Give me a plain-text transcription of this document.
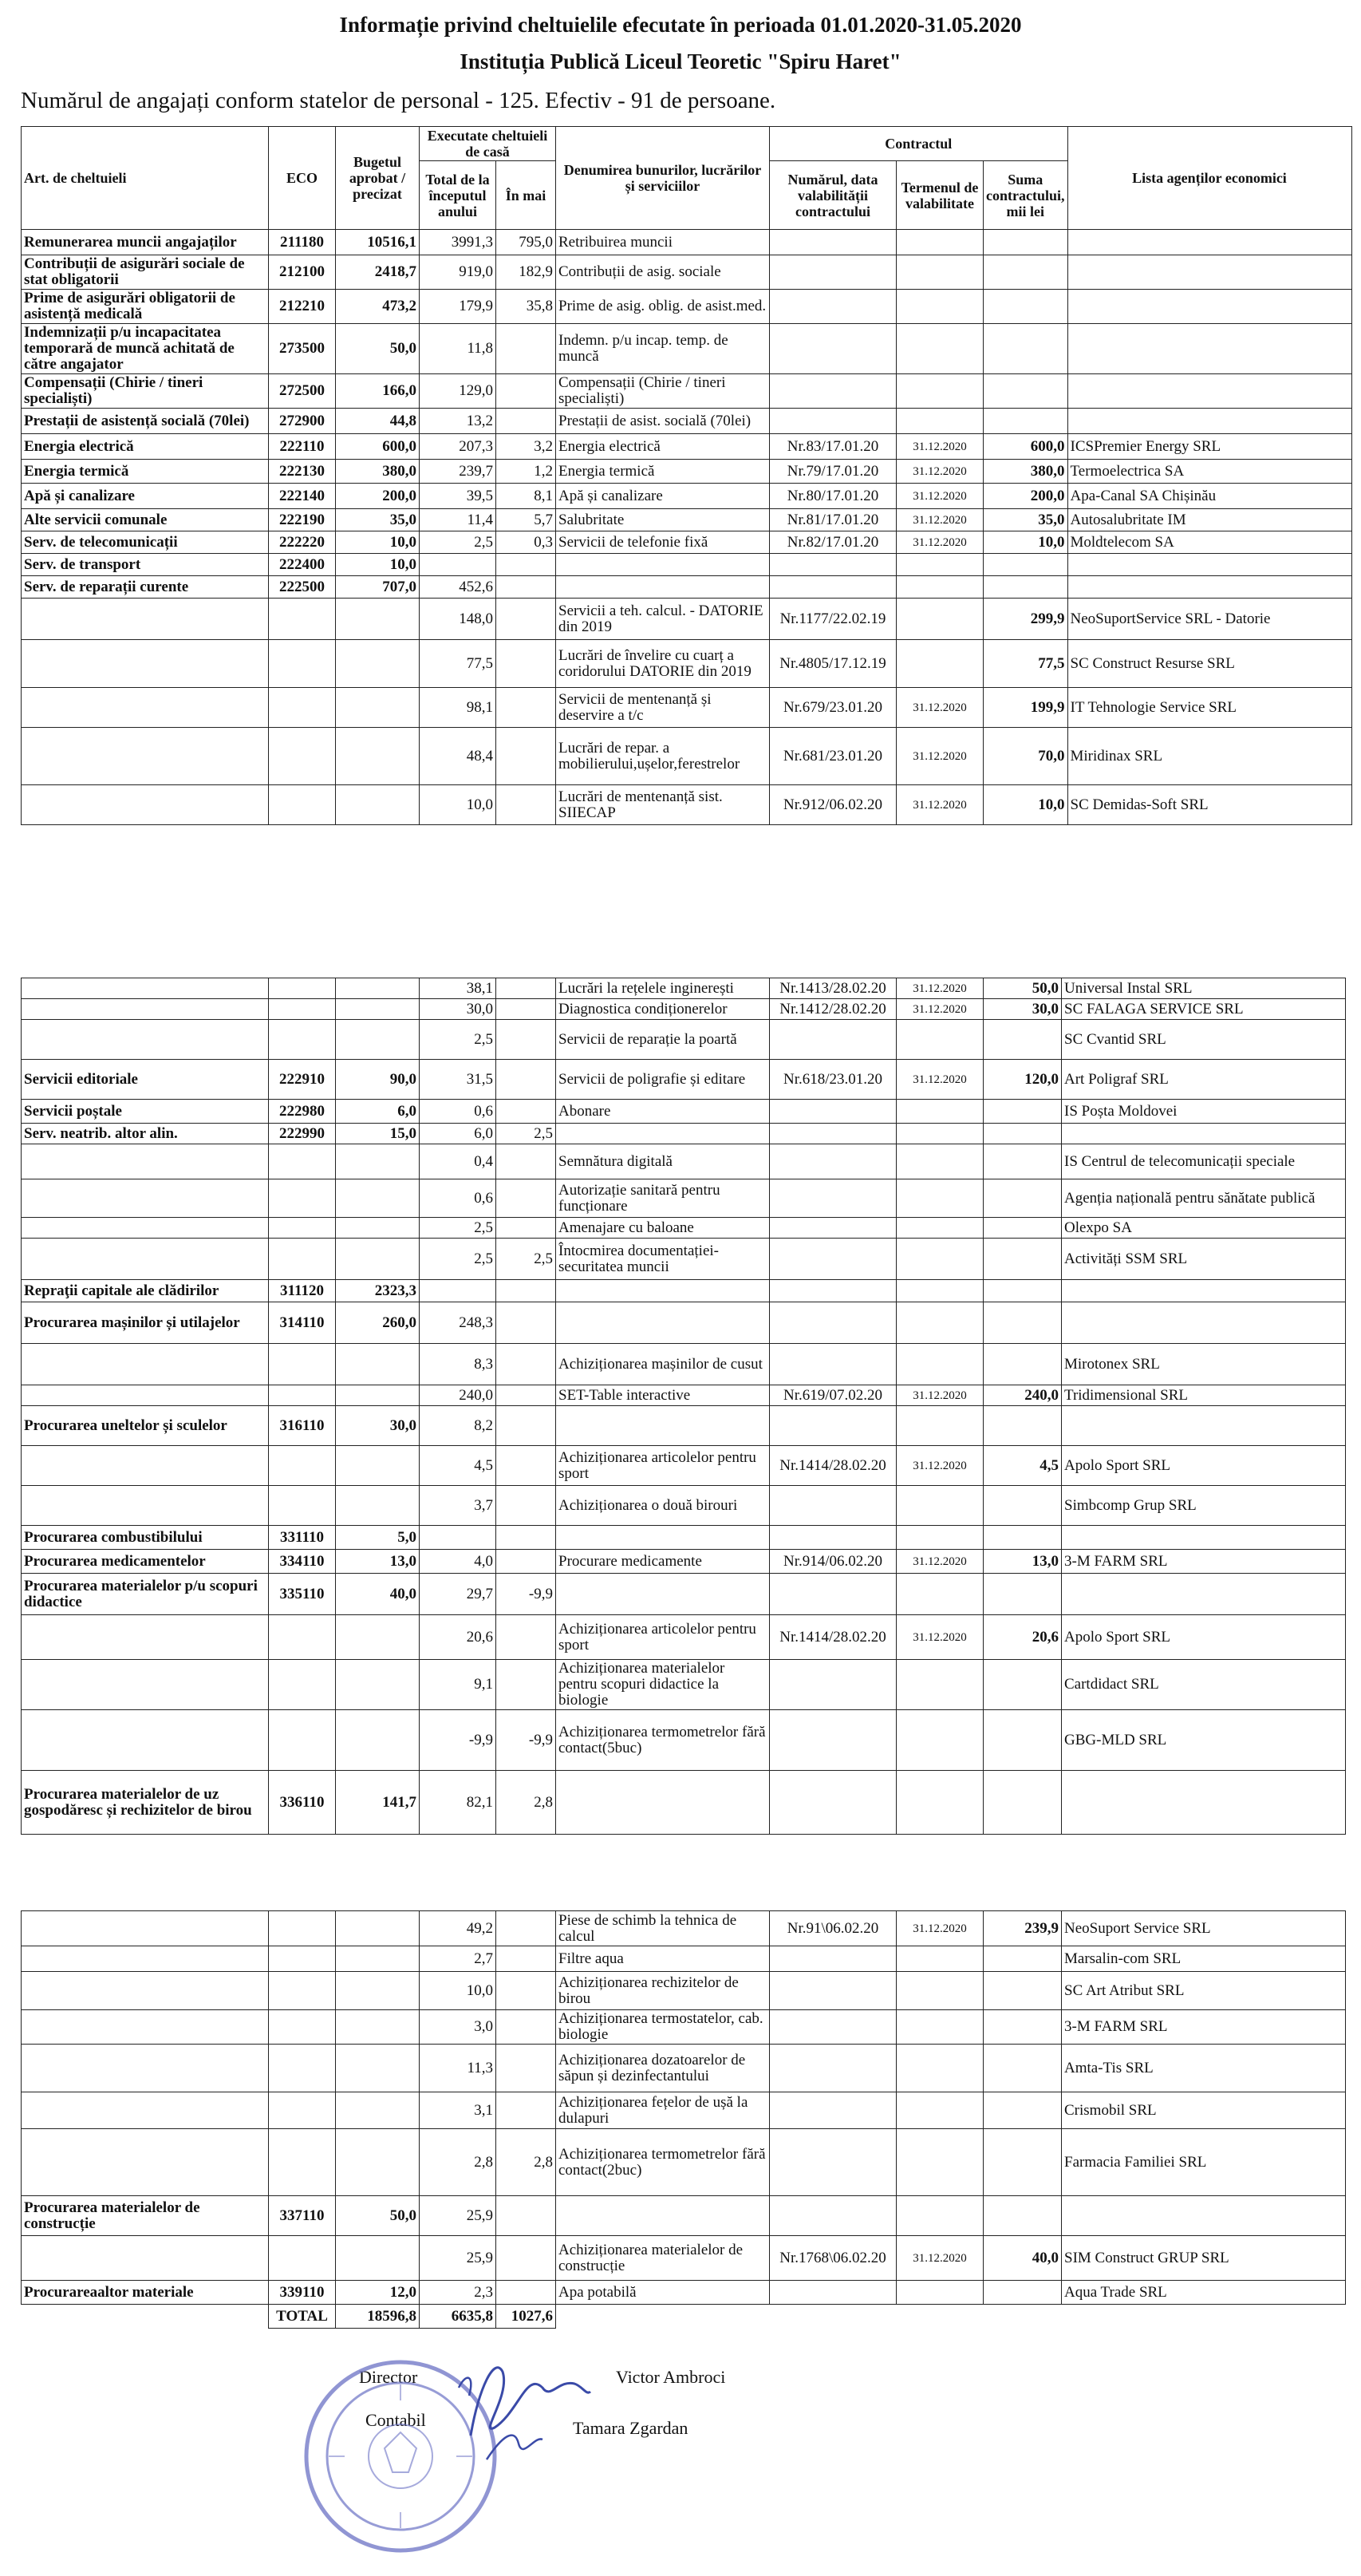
Informație privind cheltuielile efecutate în perioada 01.01.2020-31.05.2020
Instituția Publică Liceul Teoretic "Spiru Haret"
Numărul de angajați conform statelor de personal - 125. Efectiv - 91 de persoane.
Art. de cheltuieli	ECO	Bugetul aprobat / precizat	Executate cheltuieli de casă		Denumirea bunurilor, lucrărilor și serviciilor	Contractul			Lista agenților economici
			Total de la începutul anului	În mai		Numărul, data valabilității contractului	Termenul de valabilitate	Suma contractului, mii lei	

Remunerarea muncii angajaților	211180	10516,1	3991,3	795,0	Retribuirea muncii				
Contribuții de asigurări sociale de stat obligatorii	212100	2418,7	919,0	182,9	Contribuții de asig. sociale				
Prime de asigurări obligatorii de asistență medicală	212210	473,2	179,9	35,8	Prime de asig. oblig. de asist.med.				
Indemnizații p/u incapacitatea temporară de muncă achitată de către angajator	273500	50,0	11,8		Indemn. p/u incap. temp. de muncă				
Compensații (Chirie / tineri specialiști)	272500	166,0	129,0		Compensații (Chirie / tineri specialiști)				
Prestații de asistență socială (70lei)	272900	44,8	13,2		Prestații de asist. socială (70lei)				
Energia electrică	222110	600,0	207,3	3,2	Energia electrică	Nr.83/17.01.20	31.12.2020	600,0	ICSPremier Energy SRL
Energia termică	222130	380,0	239,7	1,2	Energia termică	Nr.79/17.01.20	31.12.2020	380,0	Termoelectrica SA
Apă și canalizare	222140	200,0	39,5	8,1	Apă și canalizare	Nr.80/17.01.20	31.12.2020	200,0	Apa-Canal SA Chișinău
Alte servicii comunale	222190	35,0	11,4	5,7	Salubritate	Nr.81/17.01.20	31.12.2020	35,0	Autosalubritate IM
Serv. de telecomunicații	222220	10,0	2,5	0,3	Servicii de telefonie fixă	Nr.82/17.01.20	31.12.2020	10,0	Moldtelecom SA
Serv. de transport	222400	10,0							
Serv. de reparații curente	222500	707,0	452,6						
			148,0		Servicii a teh. calcul. - DATORIE din 2019	Nr.1177/22.02.19		299,9	NeoSuportService SRL - Datorie
			77,5		Lucrări de învelire cu cuarț a coridorului DATORIE din 2019	Nr.4805/17.12.19		77,5	SC Construct Resurse SRL
			98,1		Servicii de mentenanță și deservire a t/c	Nr.679/23.01.20	31.12.2020	199,9	IT Tehnologie Service SRL
			48,4		Lucrări de repar. a mobilierului,ușelor,ferestrelor	Nr.681/23.01.20	31.12.2020	70,0	Miridinax SRL
			10,0		Lucrări de mentenanță sist. SIIECAP	Nr.912/06.02.20	31.12.2020	10,0	SC Demidas-Soft SRL
			38,1		Lucrări la rețelele inginerești	Nr.1413/28.02.20	31.12.2020	50,0	Universal Instal SRL
			30,0		Diagnostica condiționerelor	Nr.1412/28.02.20	31.12.2020	30,0	SC FALAGA SERVICE SRL
			2,5		Servicii de reparație la poartă				SC Cvantid SRL
Servicii editoriale	222910	90,0	31,5		Servicii de poligrafie și editare	Nr.618/23.01.20	31.12.2020	120,0	Art Poligraf SRL
Servicii poștale	222980	6,0	0,6		Abonare				IS Poșta Moldovei
Serv. neatrib. altor alin.	222990	15,0	6,0	2,5					
			0,4		Semnătura digitală				IS Centrul de telecomunicații speciale
			0,6		Autorizație sanitară pentru funcționare				Agenția națională pentru sănătate publică
			2,5		Amenajare cu baloane				Olexpo SA
			2,5	2,5	Întocmirea documentației-securitatea muncii				Activități SSM SRL
Repraţii capitale ale clădirilor	311120	2323,3							
Procurarea mașinilor și utilajelor	314110	260,0	248,3						
			8,3		Achiziționarea mașinilor de cusut				Mirotonex SRL
			240,0		SET-Table interactive	Nr.619/07.02.20	31.12.2020	240,0	Tridimensional SRL
Procurarea uneltelor și sculelor	316110	30,0	8,2						
			4,5		Achiziționarea articolelor pentru sport	Nr.1414/28.02.20	31.12.2020	4,5	Apolo Sport SRL
			3,7		Achiziționarea o două birouri				Simbcomp Grup SRL
Procurarea combustibilului	331110	5,0							
Procurarea medicamentelor	334110	13,0	4,0		Procurare medicamente	Nr.914/06.02.20	31.12.2020	13,0	3-M FARM SRL
Procurarea materialelor p/u scopuri didactice	335110	40,0	29,7	-9,9					
			20,6		Achiziționarea articolelor pentru sport	Nr.1414/28.02.20	31.12.2020	20,6	Apolo Sport SRL
			9,1		Achiziționarea materialelor pentru scopuri didactice la biologie				Cartdidact SRL
			-9,9	-9,9	Achiziționarea termometrelor fără contact(5buc)				GBG-MLD SRL
Procurarea materialelor de uz gospodăresc și rechizitelor de birou	336110	141,7	82,1	2,8					
			49,2		Piese de schimb la tehnica de calcul	Nr.91\06.02.20	31.12.2020	239,9	NeoSuport Service SRL
			2,7		Filtre aqua				Marsalin-com SRL
			10,0		Achiziționarea rechizitelor de birou				SC Art Atribut SRL
			3,0		Achiziționarea termostatelor, cab. biologie				3-M FARM SRL
			11,3		Achiziționarea dozatoarelor de săpun și dezinfectantului				Amta-Tis SRL
			3,1		Achiziționarea fețelor de ușă la dulapuri				Crismobil SRL
			2,8	2,8	Achiziționarea termometrelor fără contact(2buc)				Farmacia Familiei SRL
Procurarea materialelor de construcție	337110	50,0	25,9						
			25,9		Achiziționarea materialelor de construcție	Nr.1768\06.02.20	31.12.2020	40,0	SIM Construct GRUP SRL
Procurareaaltor materiale	339110	12,0	2,3		Apa potabilă				Aqua Trade SRL
	TOTAL	18596,8	6635,8	1027,6					
Director	Victor Ambroci
Contabil	Tamara Zgardan
